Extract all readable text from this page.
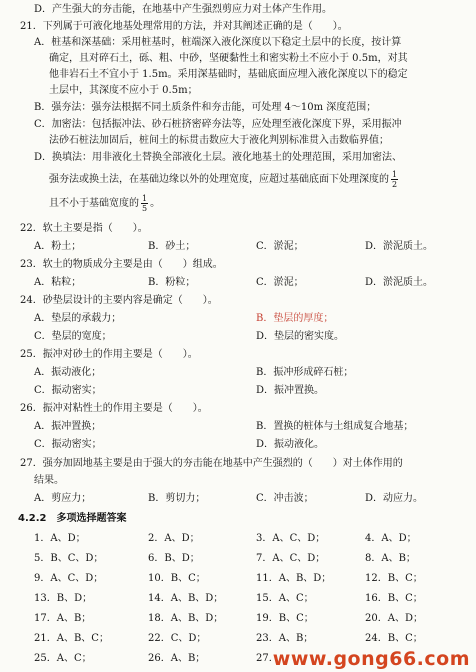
D．产生强大的夯击能，在地基中产生强烈剪应力对土体产生作用。
21．下列属于可液化地基处理常用的方法，并对其阐述正确的是（　　）。
A．桩基和深基础：采用桩基时，桩端深入液化深度以下稳定土层中的长度，按计算
确定，且对碎石土，砾、粗、中砂，坚硬黏性土和密实粉土不应小于 0.5m，对其
他非岩石土不宜小于 1.5m。采用深基础时，基础底面应埋入液化深度以下的稳定
土层中，其深度不应小于 0.5m；
B．强夯法：强夯法根据不同土质条件和夯击能，可处理 4～10m 深度范围；
C．加密法：包括振冲法、砂石桩挤密碎夯法等，应处理至液化深度下界，采用振冲
法砂石桩法加固后，桩间土的标贯击数应大于液化判别标准贯入击数临界值；
D．换填法：用非液化土替换全部液化土层。液化地基土的处理范围，采用加密法、
强夯法或换土法，在基础边缘以外的处理宽度，应超过基础底面下处理深度的 $\frac{1}{2}$
且不小于基础宽度的 $\frac{1}{5}$ 。
22．软土主要是指（　　）。
A．粉土；	B．砂土；	C．淤泥；	D．淤泥质土。
23．软土的物质成分主要是由（　　）组成。
A．粘粒；	B．粉粒；	C．淤泥；	D．淤泥质土。
24．砂垫层设计的主要内容是确定（　　）。
A．垫层的承载力；	B．垫层的厚度；
C．垫层的宽度；	D．垫层的密实度。
25．振冲对砂土的作用主要是（　　）。
A．振动液化；	B．振冲形成碎石桩；
C．振动密实；	D．振冲置换。
26．振冲对粘性土的作用主要是（　　）。
A．振冲置换；	B．置换的桩体与土组成复合地基；
C．振动密实；	D．振动液化。
27．强夯加固地基主要是由于强大的夯击能在地基中产生强烈的（　　）对土体作用的
结果。
A．剪应力；	B．剪切力；	C．冲击波；	D．动应力。
4.2.2　多项选择题答案
1．A、D；	2．A、D；	3．A、C、D；	4．A、D；
5．B、C、D；	6．B、D；	7．A、C、D；	8．A、B；
9．A、C、D；	10．B、C；	11．A、B、D；	12．B、C；
13．B、D；	14．A、B、D；	15．A、C；	16．B、C；
17．A、B；	18．A、B、D；	19．B、C；	20．A、D；
21．A、B、C；	22．C、D；	23．A、B；	24．B、C；
25．A、C；	26．A、B；	27．
www.gong66.com
